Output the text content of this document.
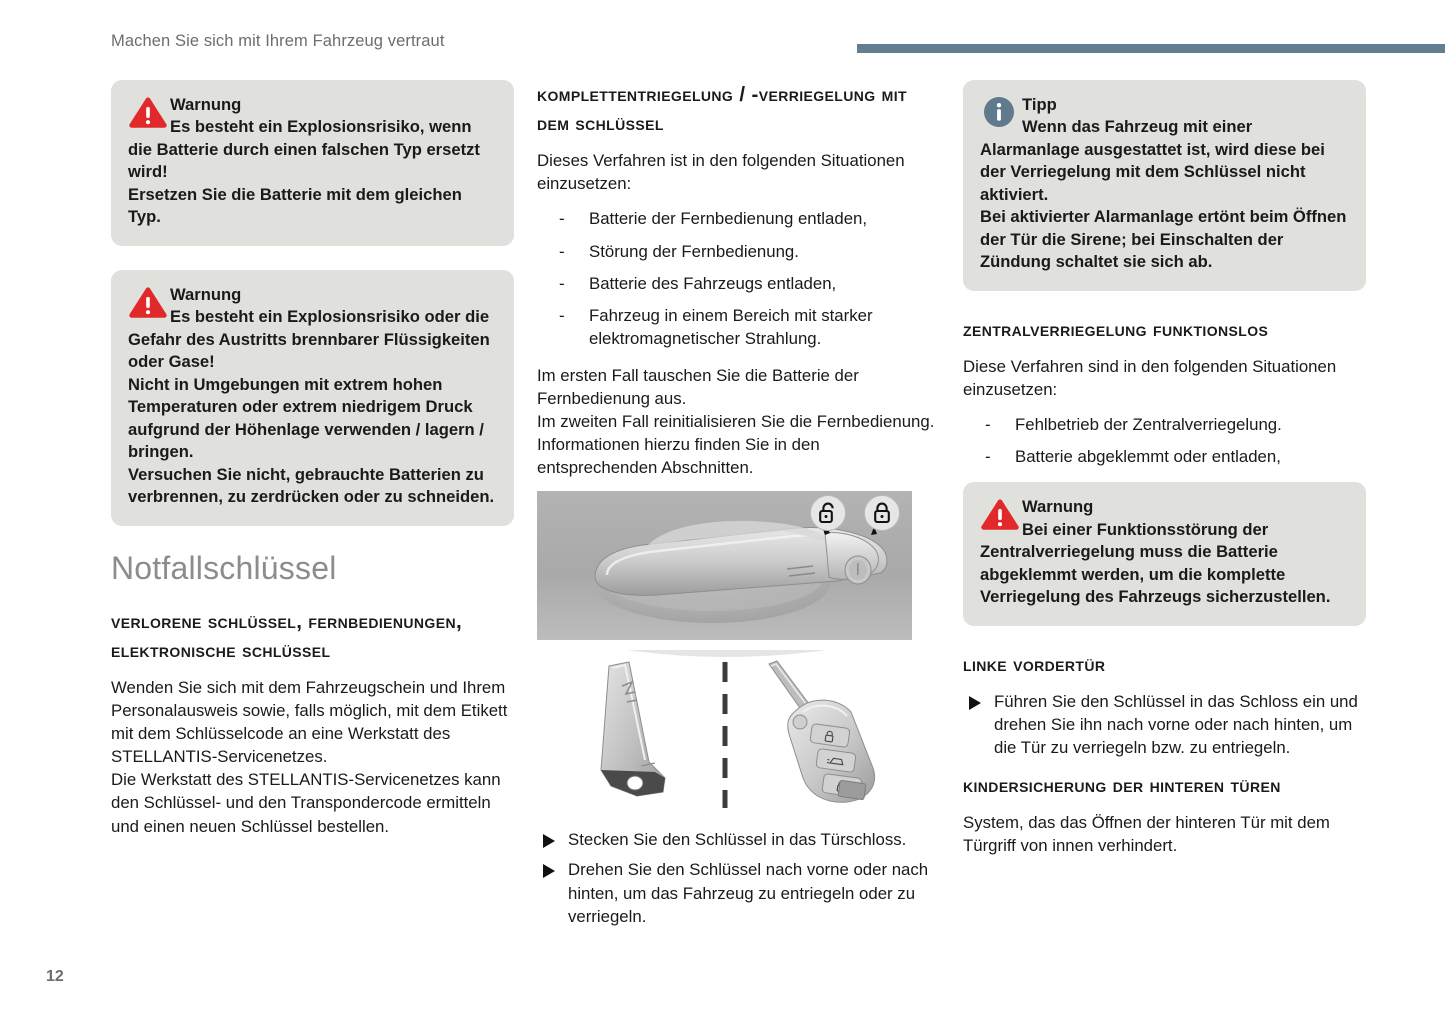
Machen Sie sich mit Ihrem Fahrzeug vertraut
12

Warnung
Es besteht ein Explosionsrisiko, wenn die Batterie durch einen falschen Typ ersetzt wird!

Ersetzen Sie die Batterie mit dem gleichen Typ.

Warnung
Es besteht ein Explosionsrisiko oder die Gefahr des Austritts brennbarer Flüssigkeiten oder Gase!

Nicht in Umgebungen mit extrem hohen Temperaturen oder extrem niedrigem Druck aufgrund der Höhenlage verwenden / lagern / bringen.

Versuchen Sie nicht, gebrauchte Batterien zu verbrennen, zu zerdrücken oder zu schneiden.

Notfallschlüssel
verlorene schlüssel, fernbedienungen, elektronische schlüssel

Wenden Sie sich mit dem Fahrzeugschein und Ihrem Personalausweis sowie, falls möglich, mit dem Etikett mit dem Schlüsselcode an eine Werkstatt des STELLANTIS-Servicenetzes.

Die Werkstatt des STELLANTIS-Servicenetzes kann den Schlüssel- und den Transpondercode ermitteln und einen neuen Schlüssel bestellen.

komplettentriegelung / -verriegelung mit dem schlüssel

Dieses Verfahren ist in den folgenden Situationen einzusetzen:

- Batterie der Fernbedienung entladen,
- Störung der Fernbedienung.
- Batterie des Fahrzeugs entladen,
- Fahrzeug in einem Bereich mit starker elektromagnetischer Strahlung.

Im ersten Fall tauschen Sie die Batterie der Fernbedienung aus.

Im zweiten Fall reinitialisieren Sie die Fernbedienung.

Informationen hierzu finden Sie in den entsprechenden Abschnitten.

Stecken Sie den Schlüssel in das Türschloss.
Drehen Sie den Schlüssel nach vorne oder nach hinten, um das Fahrzeug zu entriegeln oder zu verriegeln.

Tipp
Wenn das Fahrzeug mit einer Alarmanlage ausgestattet ist, wird diese bei der Verriegelung mit dem Schlüssel nicht aktiviert.

Bei aktivierter Alarmanlage ertönt beim Öffnen der Tür die Sirene; bei Einschalten der Zündung schaltet sie sich ab.

zentralverriegelung funktionslos

Diese Verfahren sind in den folgenden Situationen einzusetzen:

- Fehlbetrieb der Zentralverriegelung.
- Batterie abgeklemmt oder entladen,

Warnung
Bei einer Funktionsstörung der Zentralverriegelung muss die Batterie abgeklemmt werden, um die komplette Verriegelung des Fahrzeugs sicherzustellen.

linke vordertür
Führen Sie den Schlüssel in das Schloss ein und drehen Sie ihn nach vorne oder nach hinten, um die Tür zu verriegeln bzw. zu entriegeln.
kindersicherung der hinteren türen

System, das das Öffnen der hinteren Tür mit dem Türgriff von innen verhindert.
